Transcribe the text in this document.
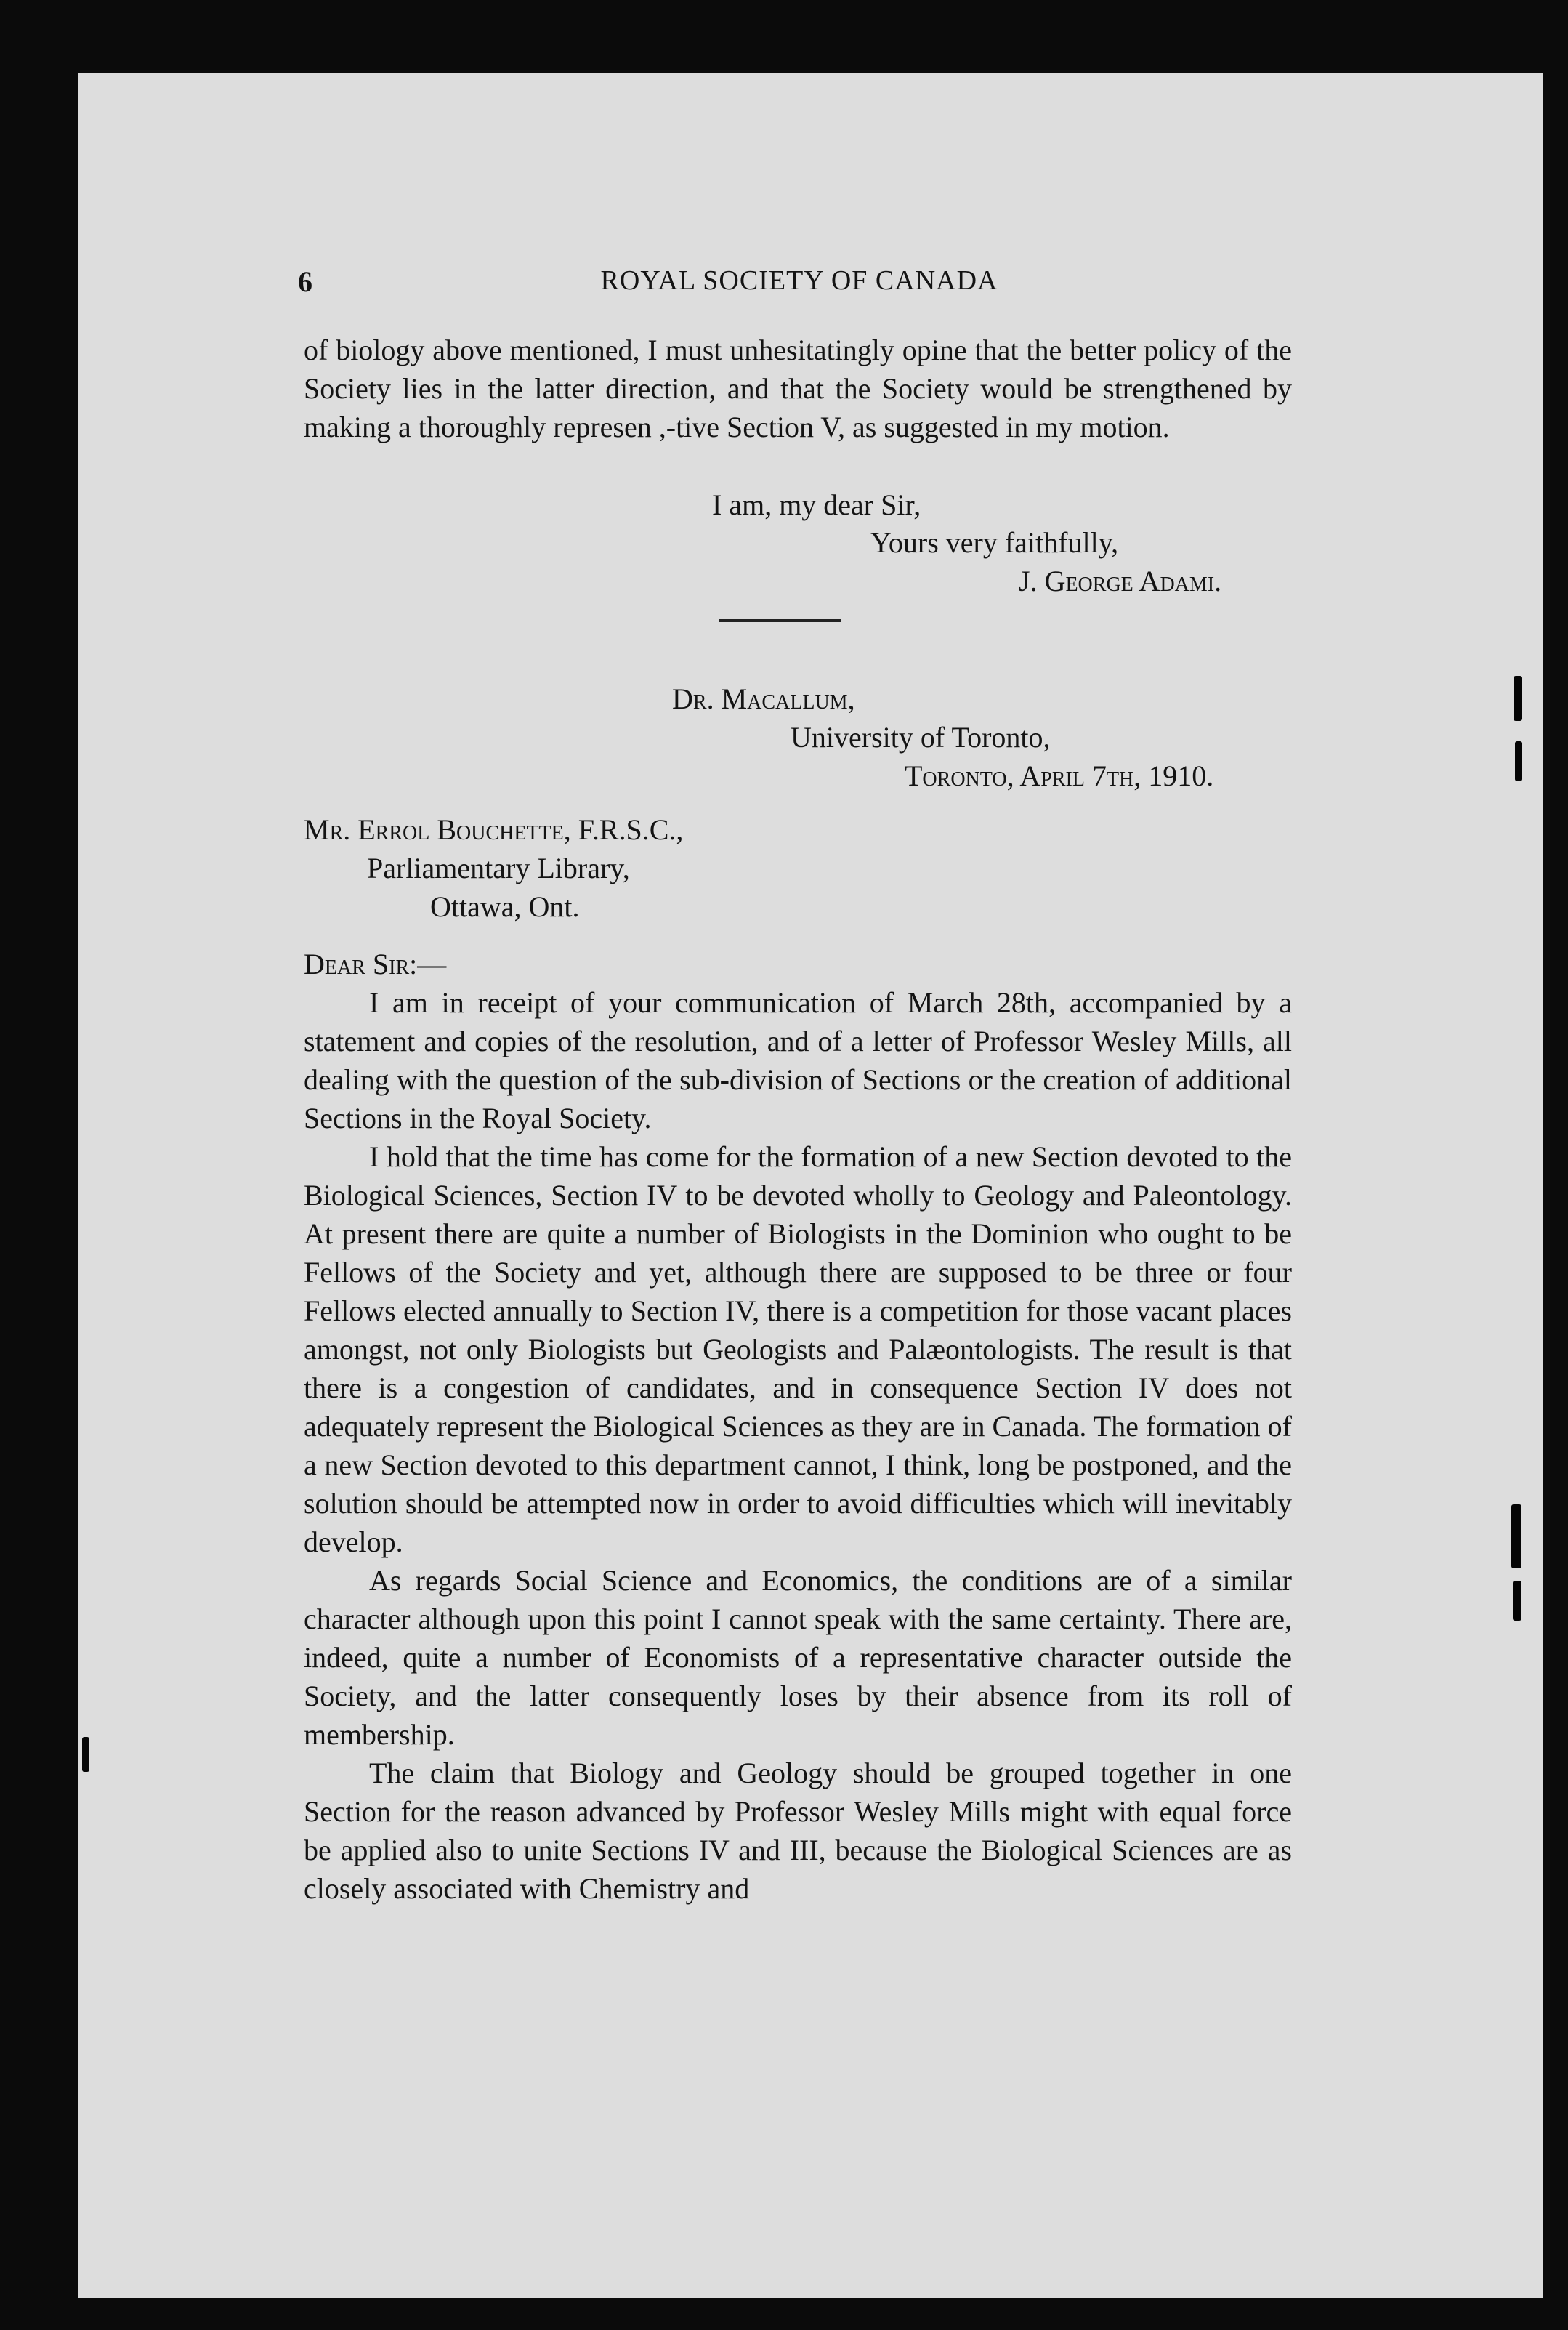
6	ROYAL SOCIETY OF CANADA

of biology above mentioned, I must unhesitatingly opine that the better policy of the Society lies in the latter direction, and that the Society would be strengthened by making a thoroughly represen ,-tive Section V, as suggested in my motion.

I am, my dear Sir,
Yours very faithfully,
J. George Adami.
Dr. Macallum,
University of Toronto,
Toronto, April 7th, 1910.
Mr. Errol Bouchette, F.R.S.C.,
Parliamentary Library,
Ottawa, Ont.
Dear Sir:—

I am in receipt of your communication of March 28th, accompanied by a statement and copies of the resolution, and of a letter of Professor Wesley Mills, all dealing with the question of the sub-division of Sections or the creation of additional Sections in the Royal Society.

I hold that the time has come for the formation of a new Section devoted to the Biological Sciences, Section IV to be devoted wholly to Geology and Paleontology. At present there are quite a number of Biologists in the Dominion who ought to be Fellows of the Society and yet, although there are supposed to be three or four Fellows elected annually to Section IV, there is a competition for those vacant places amongst, not only Biologists but Geologists and Palæontologists. The result is that there is a congestion of candidates, and in consequence Section IV does not adequately represent the Biological Sciences as they are in Canada. The formation of a new Section devoted to this department cannot, I think, long be postponed, and the solution should be attempted now in order to avoid difficulties which will inevitably develop.

As regards Social Science and Economics, the conditions are of a similar character although upon this point I cannot speak with the same certainty. There are, indeed, quite a number of Economists of a representative character outside the Society, and the latter consequently loses by their absence from its roll of membership.

The claim that Biology and Geology should be grouped together in one Section for the reason advanced by Professor Wesley Mills might with equal force be applied also to unite Sections IV and III, because the Biological Sciences are as closely associated with Chemistry and
